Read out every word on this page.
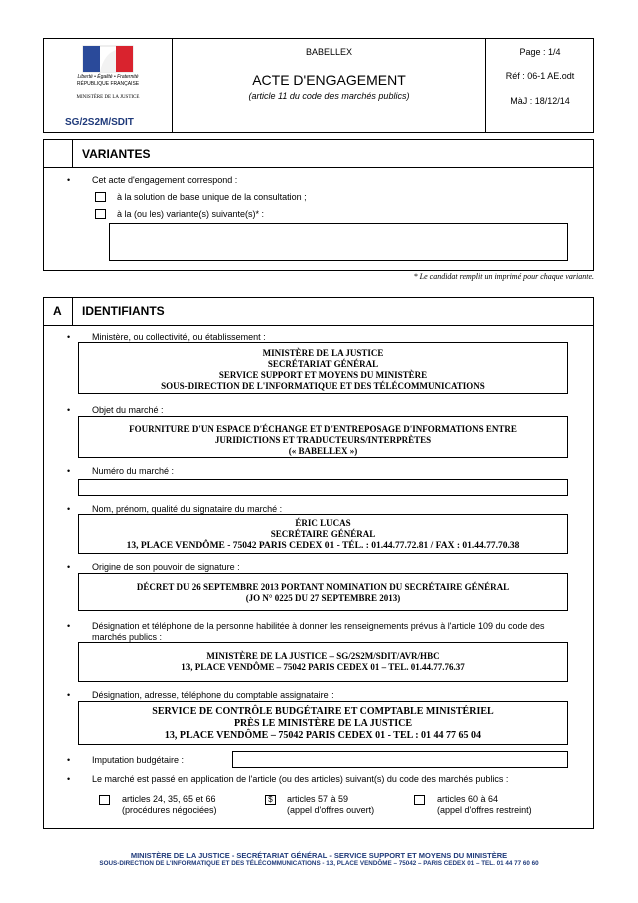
Liberté • Égalité • Fraternité
RÉPUBLIQUE FRANÇAISE
MINISTÈRE DE LA JUSTICE
SG/2S2M/SDIT
BABELLEX
ACTE D'ENGAGEMENT
(article 11 du code des marchés publics)
Page : 1/4
Réf : 06-1 AE.odt
MàJ : 18/12/14
VARIANTES
• Cet acte d'engagement correspond :
à la solution de base unique de la consultation ;
à la (ou les) variante(s) suivante(s)* :
* Le candidat remplit un imprimé pour chaque variante.
A IDENTIFIANTS
• Ministère, ou collectivité, ou établissement :
MINISTÈRE DE LA JUSTICE
SECRÉTARIAT GÉNÉRAL
SERVICE SUPPORT ET MOYENS DU MINISTÈRE
SOUS-DIRECTION DE L'INFORMATIQUE ET DES TÉLÉCOMMUNICATIONS
• Objet du marché :
FOURNITURE D'UN ESPACE D'ÉCHANGE ET D'ENTREPOSAGE D'INFORMATIONS ENTRE
JURIDICTIONS ET TRADUCTEURS/INTERPRÈTES
(« BABELLEX »)
• Numéro du marché :
• Nom, prénom, qualité du signataire du marché :
ÉRIC LUCAS
SECRÉTAIRE GÉNÉRAL
13, PLACE VENDÔME - 75042 PARIS CEDEX 01 - TÉL. : 01.44.77.72.81 / FAX : 01.44.77.70.38
• Origine de son pouvoir de signature :
DÉCRET DU 26 SEPTEMBRE 2013 PORTANT NOMINATION DU SECRÉTAIRE GÉNÉRAL
(JO N° 0225 DU 27 SEPTEMBRE 2013)
• Désignation et téléphone de la personne habilitée à donner les renseignements prévus à l'article 109 du code des marchés publics :
MINISTÈRE DE LA JUSTICE – SG/2S2M/SDIT/AVR/HBC
13, PLACE VENDÔME – 75042 PARIS CEDEX 01 – TEL. 01.44.77.76.37
• Désignation, adresse, téléphone du comptable assignataire :
SERVICE DE CONTRÔLE BUDGÉTAIRE ET COMPTABLE MINISTÉRIEL
PRÈS LE MINISTÈRE DE LA JUSTICE
13, PLACE VENDÔME – 75042 PARIS CEDEX 01 - TEL : 01 44 77 65 04
• Imputation budgétaire :
• Le marché est passé en application de l'article (ou des articles) suivant(s) du code des marchés publics :
articles 24, 35, 65 et 66
(procédures négociées)
$	articles 57 à 59
(appel d'offres ouvert)
articles 60 à 64
(appel d'offres restreint)
MINISTÈRE DE LA JUSTICE - SECRÉTARIAT GÉNÉRAL - SERVICE SUPPORT ET MOYENS DU MINISTÈRE
SOUS-DIRECTION DE L'INFORMATIQUE ET DES TÉLÉCOMMUNICATIONS - 13, PLACE VENDÔME – 75042 – PARIS CEDEX 01 – TEL. 01 44 77 60 60
